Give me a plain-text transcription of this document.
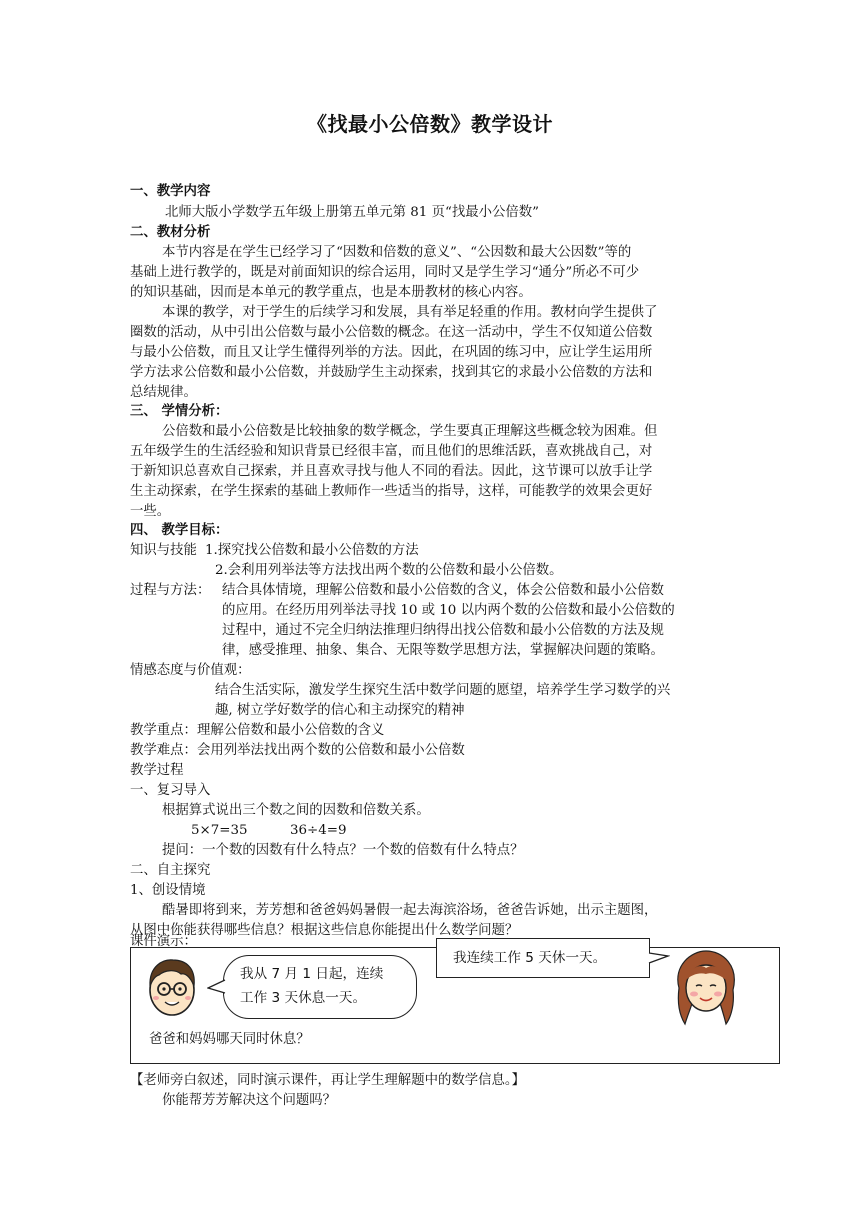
《找最小公倍数》教学设计
一、教学内容
北师大版小学数学五年级上册第五单元第 81 页“找最小公倍数”
二、教材分析
本节内容是在学生已经学习了“因数和倍数的意义”、“公因数和最大公因数”等的
基础上进行教学的，既是对前面知识的综合运用，同时又是学生学习“通分”所必不可少
的知识基础，因而是本单元的教学重点，也是本册教材的核心内容。
本课的教学，对于学生的后续学习和发展，具有举足轻重的作用。教材向学生提供了
圈数的活动，从中引出公倍数与最小公倍数的概念。在这一活动中，学生不仅知道公倍数
与最小公倍数，而且又让学生懂得列举的方法。因此，在巩固的练习中，应让学生运用所
学方法求公倍数和最小公倍数，并鼓励学生主动探索，找到其它的求最小公倍数的方法和
总结规律。
三、 学情分析：
公倍数和最小公倍数是比较抽象的数学概念，学生要真正理解这些概念较为困难。但
五年级学生的生活经验和知识背景已经很丰富，而且他们的思维活跃，喜欢挑战自己，对
于新知识总喜欢自己探索，并且喜欢寻找与他人不同的看法。因此，这节课可以放手让学
生主动探索，在学生探索的基础上教师作一些适当的指导，这样，可能教学的效果会更好
一些。
四、 教学目标：
知识与技能 1.探究找公倍数和最小公倍数的方法
2.会利用列举法等方法找出两个数的公倍数和最小公倍数。
过程与方法： 结合具体情境，理解公倍数和最小公倍数的含义，体会公倍数和最小公倍数
的应用。在经历用列举法寻找 10 或 10 以内两个数的公倍数和最小公倍数的
过程中，通过不完全归纳法推理归纳得出找公倍数和最小公倍数的方法及规
律，感受推理、抽象、集合、无限等数学思想方法，掌握解决问题的策略。
情感态度与价值观：
结合生活实际，激发学生探究生活中数学问题的愿望，培养学生学习数学的兴
趣, 树立学好数学的信心和主动探究的精神
教学重点：理解公倍数和最小公倍数的含义
教学难点：会用列举法找出两个数的公倍数和最小公倍数
教学过程
一、复习导入
根据算式说出三个数之间的因数和倍数关系。
5×7=35	36÷4=9
提问：一个数的因数有什么特点？一个数的倍数有什么特点？
二、自主探究
1、创设情境
酷暑即将到来，芳芳想和爸爸妈妈暑假一起去海滨浴场，爸爸告诉她，出示主题图，
从图中你能获得哪些信息？根据这些信息你能提出什么数学问题？
课件演示：
我从 7 月 1 日起，连续
工作 3 天休息一天。
爸爸和妈妈哪天同时休息？
我连续工作 5 天休一天。
【老师旁白叙述，同时演示课件，再让学生理解题中的数学信息。】
你能帮芳芳解决这个问题吗？
